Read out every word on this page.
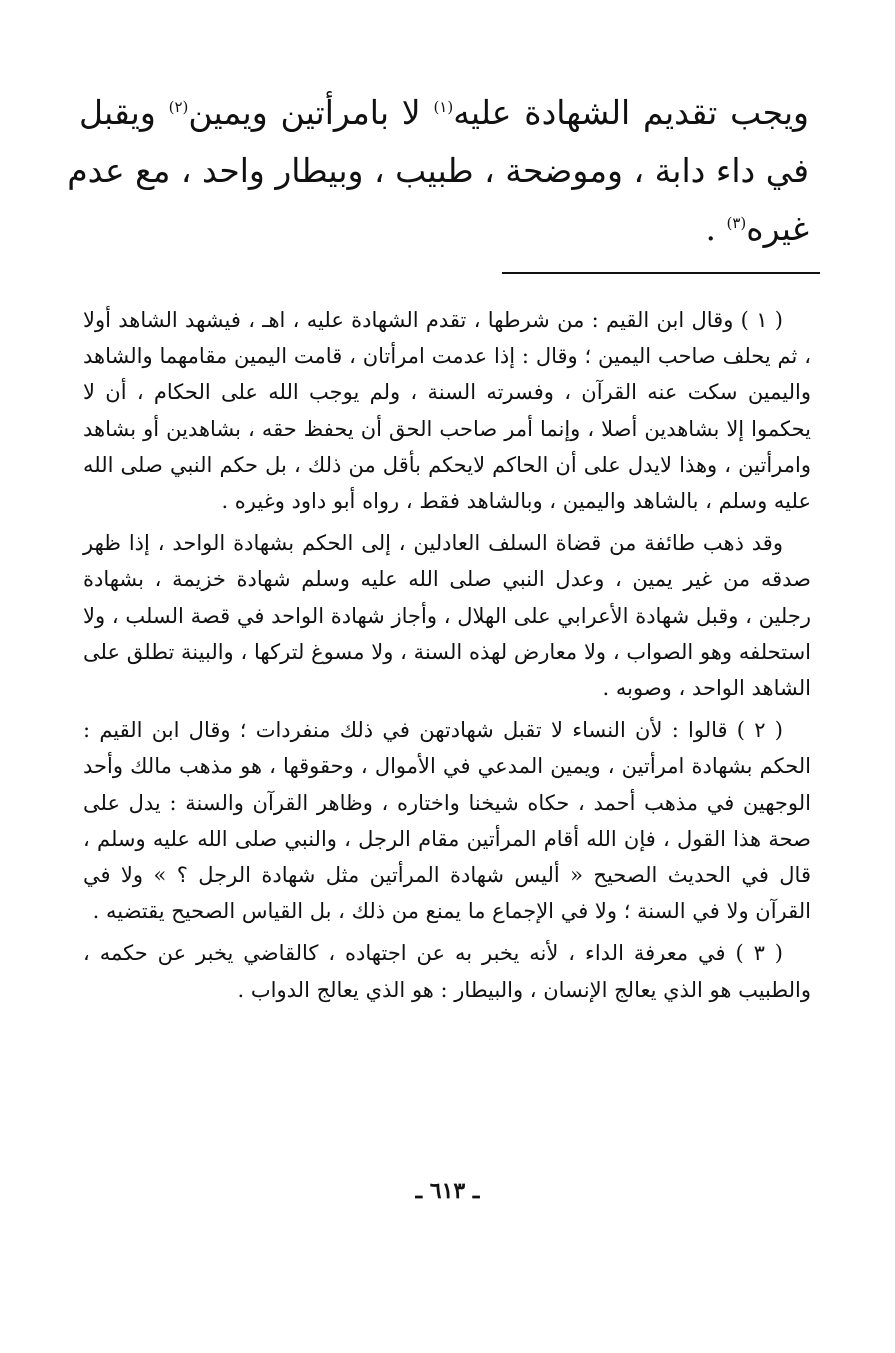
ويجب تقديم الشهادة عليه$^{(١)}$ لا بامرأتين ويمين$^{(٢)}$ ويقبل
في داء دابة ، وموضحة ، طبيب ، وبيطار واحد ، مع عدم
غيره$^{(٣)}$ .

( ١ ) وقال ابن القيم : من شرطها ، تقدم الشهادة عليه ، اهـ ، فيشهد الشاهد أولا ، ثم يحلف صاحب اليمين ؛ وقال : إذا عدمت امرأتان ، قامت اليمين مقامهما والشاهد واليمين سكت عنه القرآن ، وفسرته السنة ، ولم يوجب الله على الحكام ، أن لا يحكموا إلا بشاهدين أصلا ، وإنما أمر صاحب الحق أن يحفظ حقه ، بشاهدين أو بشاهد وامرأتين ، وهذا لايدل على أن الحاكم لايحكم بأقل من ذلك ، بل حكم النبي صلى الله عليه وسلم ، بالشاهد واليمين ، وبالشاهد فقط ، رواه أبو داود وغيره .

وقد ذهب طائفة من قضاة السلف العادلين ، إلى الحكم بشهادة الواحد ، إذا ظهر صدقه من غير يمين ، وعدل النبي صلى الله عليه وسلم شهادة خزيمة ، بشهادة رجلين ، وقبل شهادة الأعرابي على الهلال ، وأجاز شهادة الواحد في قصة السلب ، ولا استحلفه وهو الصواب ، ولا معارض لهذه السنة ، ولا مسوغ لتركها ، والبينة تطلق على الشاهد الواحد ، وصوبه .

( ٢ ) قالوا : لأن النساء لا تقبل شهادتهن في ذلك منفردات ؛ وقال ابن القيم : الحكم بشهادة امرأتين ، ويمين المدعي في الأموال ، وحقوقها ، هو مذهب مالك وأحد الوجهين في مذهب أحمد ، حكاه شيخنا واختاره ، وظاهر القرآن والسنة : يدل على صحة هذا القول ، فإن الله أقام المرأتين مقام الرجل ، والنبي صلى الله عليه وسلم ، قال في الحديث الصحيح « أليس شهادة المرأتين مثل شهادة الرجل ؟ » ولا في القرآن ولا في السنة ؛ ولا في الإجماع ما يمنع من ذلك ، بل القياس الصحيح يقتضيه .

( ٣ ) في معرفة الداء ، لأنه يخبر به عن اجتهاده ، كالقاضي يخبر عن حكمه ، والطبيب هو الذي يعالج الإنسان ، والبيطار : هو الذي يعالج الدواب .

ـ ٦١٣ ـ
